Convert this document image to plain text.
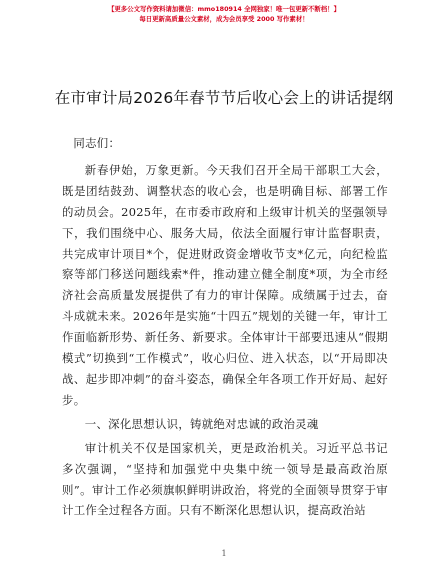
【更多公文写作资料请加微信：mmo180914 全网独家！唯一包更新不断档！】
每日更新高质量公文素材，成为会员享受 2000 写作素材！
在市审计局2026年春节节后收心会上的讲话提纲

同志们：

新春伊始，万象更新。今天我们召开全局干部职工大会，既是团结鼓劲、调整状态的收心会，也是明确目标、部署工作的动员会。2025年，在市委市政府和上级审计机关的坚强领导下，我们围绕中心、服务大局，依法全面履行审计监督职责，共完成审计项目*个，促进财政资金增收节支*亿元，向纪检监察等部门移送问题线索*件，推动建立健全制度*项，为全市经济社会高质量发展提供了有力的审计保障。成绩属于过去，奋斗成就未来。2026年是实施“十四五”规划的关键一年，审计工作面临新形势、新任务、新要求。全体审计干部要迅速从“假期模式”切换到“工作模式”，收心归位、进入状态，以“开局即决战、起步即冲刺”的奋斗姿态，确保全年各项工作开好局、起好步。

一、深化思想认识，铸就绝对忠诚的政治灵魂

审计机关不仅是国家机关，更是政治机关。习近平总书记多次强调，“坚持和加强党中央集中统一领导是最高政治原则”。审计工作必须旗帜鲜明讲政治，将党的全面领导贯穿于审计工作全过程各方面。只有不断深化思想认识，提高政治站

1
